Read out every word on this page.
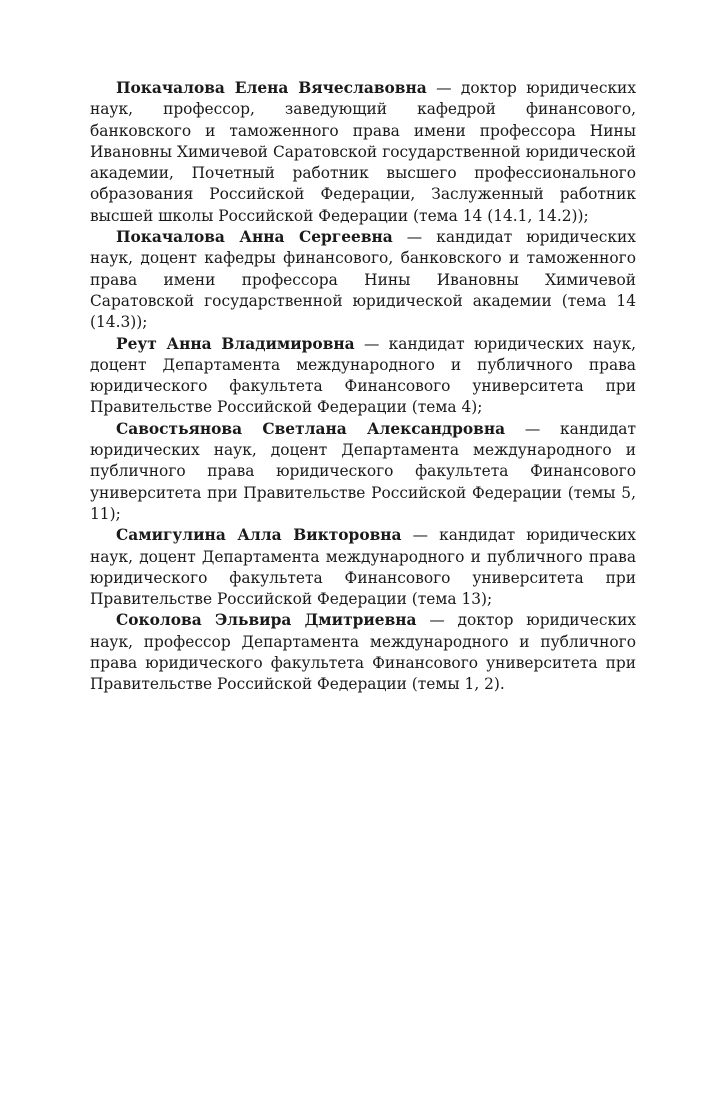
Покачалова Елена Вячеславовна — доктор юридических наук, профессор, заведующий кафедрой финансового, банковского и таможенного права имени профессора Нины Ивановны Химичевой Саратовской государственной юридической академии, Почетный работник высшего профессионального образования Российской Федерации, Заслуженный работник высшей школы Российской Федерации (тема 14 (14.1, 14.2));

Покачалова Анна Сергеевна — кандидат юридических наук, доцент кафедры финансового, банковского и таможенного права имени профессора Нины Ивановны Химичевой Саратовской государственной юридической академии (тема 14 (14.3));

Реут Анна Владимировна — кандидат юридических наук, доцент Департамента международного и публичного права юридического факультета Финансового университета при Правительстве Российской Федерации (тема 4);

Савостьянова Светлана Александровна — кандидат юридических наук, доцент Департамента международного и публичного права юридического факультета Финансового университета при Правительстве Российской Федерации (темы 5, 11);

Самигулина Алла Викторовна — кандидат юридических наук, доцент Департамента международного и публичного права юридического факультета Финансового университета при Правительстве Российской Федерации (тема 13);

Соколова Эльвира Дмитриевна — доктор юридических наук, профессор Департамента международного и публичного права юридического факультета Финансового университета при Правительстве Российской Федерации (темы 1, 2).
